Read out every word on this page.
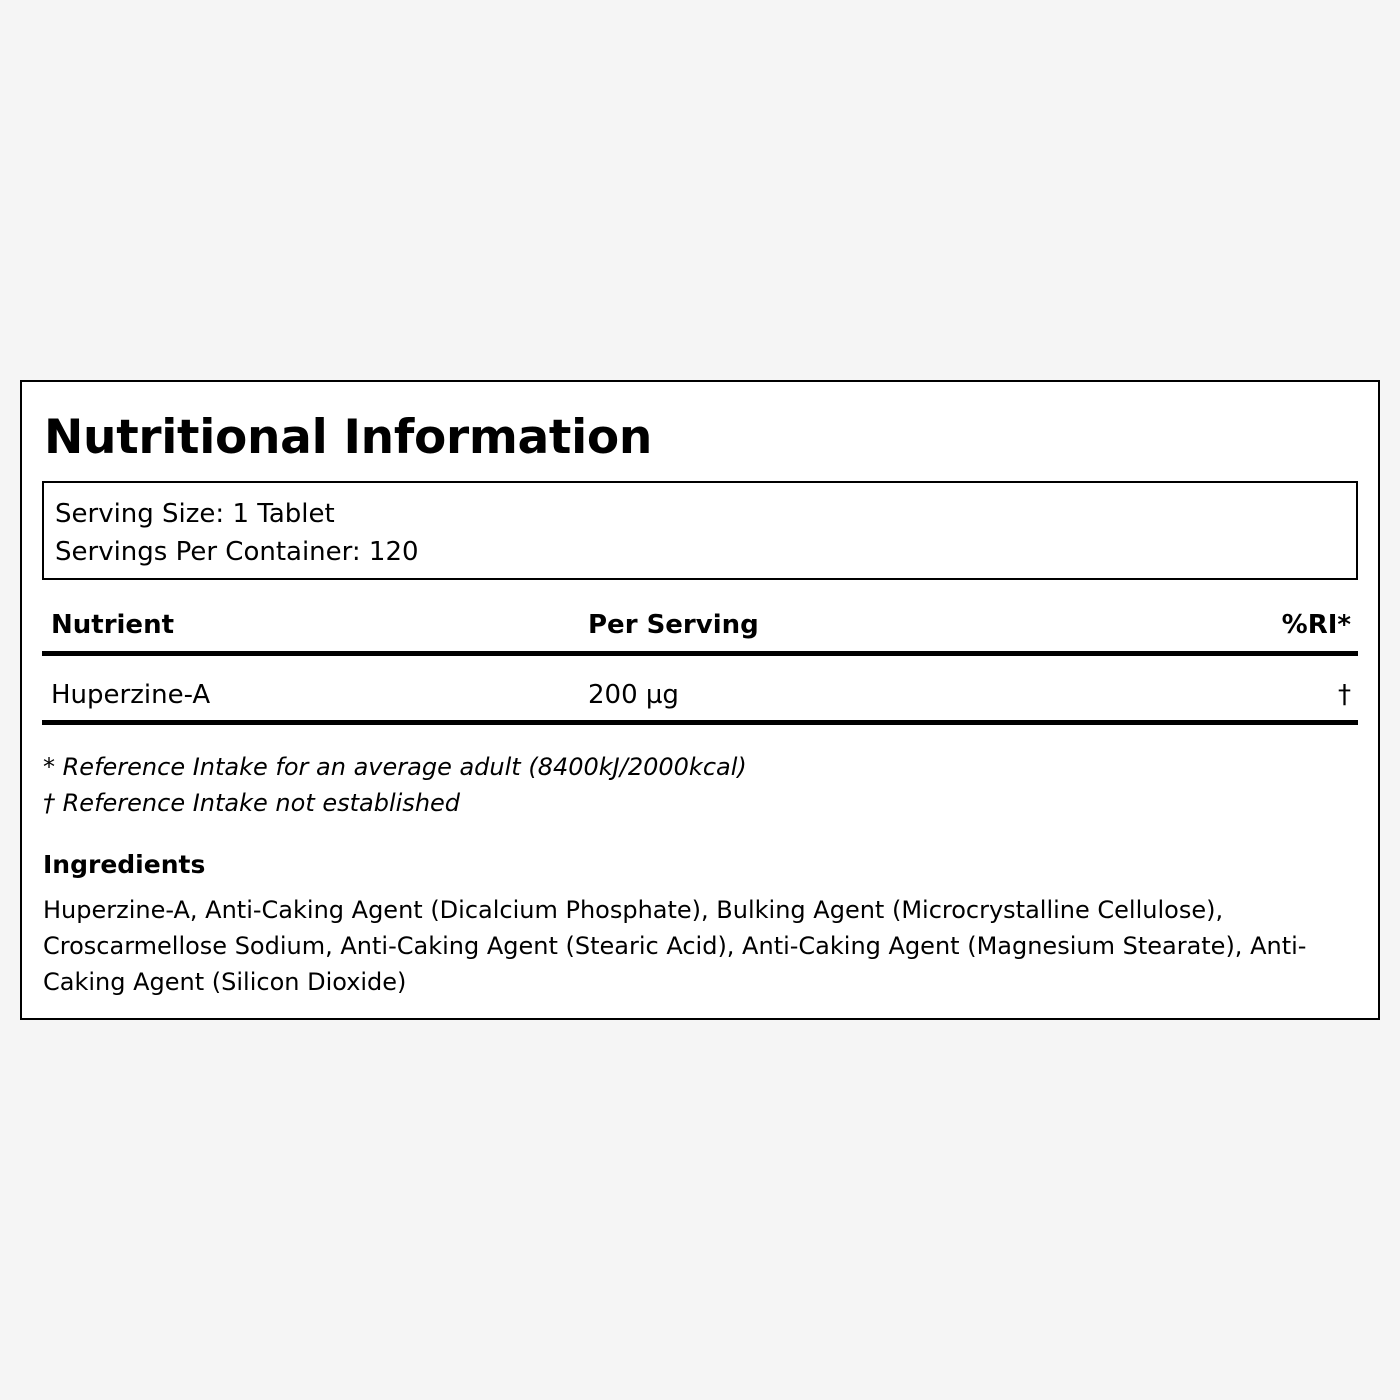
Nutritional Information
Serving Size: 1 Tablet
Servings Per Container: 120
Nutrient	Per Serving	%RI*
Huperzine-A	200 µg	†
* Reference Intake for an average adult (8400kJ/2000kcal)
† Reference Intake not established
Ingredients

Huperzine-A, Anti-Caking Agent (Dicalcium Phosphate), Bulking Agent (Microcrystalline Cellulose), Croscarmellose Sodium, Anti-Caking Agent (Stearic Acid), Anti-Caking Agent (Magnesium Stearate), Anti-Caking Agent (Silicon Dioxide)
